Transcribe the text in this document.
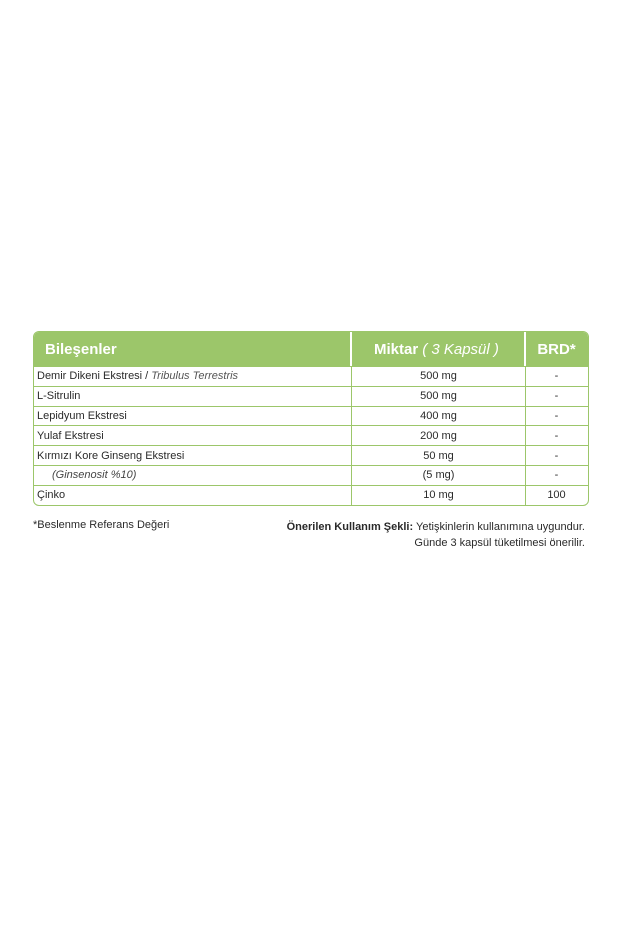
Bileşenler	Miktar ( 3 Kapsül )	BRD*
Demir Dikeni Ekstresi / Tribulus Terrestris	500 mg	-
L-Sitrulin	500 mg	-
Lepidyum Ekstresi	400 mg	-
Yulaf Ekstresi	200 mg	-
Kırmızı Kore Ginseng Ekstresi	50 mg	-
(Ginsenosit %10)	(5 mg)	-
Çinko	10 mg	100
*Beslenme Referans Değeri	Önerilen Kullanım Şekli: Yetişkinlerin kullanımına uygundur.
Günde 3 kapsül tüketilmesi önerilir.
